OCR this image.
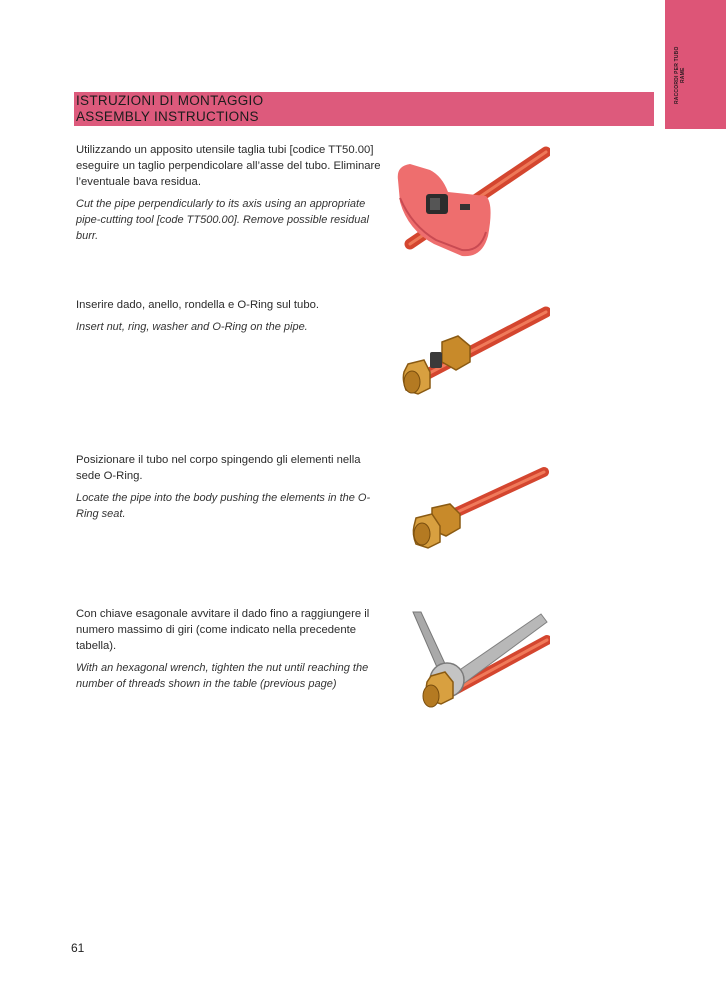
RACCORDI PER TUBO RAME
ISTRUZIONI DI MONTAGGIO
ASSEMBLY INSTRUCTIONS

Utilizzando un apposito utensile taglia tubi [codice TT50.00] eseguire un taglio perpendicolare all’asse del tubo. Eliminare l’eventuale bava residua.

Cut the pipe perpendicularly to its axis using an appropriate pipe-cutting tool [code TT500.00]. Remove possible residual burr.

Inserire dado, anello, rondella e O-Ring sul tubo.

Insert nut, ring, washer and O-Ring on the pipe.

Posizionare il tubo nel corpo spingendo gli elementi nella sede O-Ring.

Locate the pipe into the body pushing the elements in the O-Ring seat.

Con chiave esagonale avvitare il dado fino a raggiungere il numero massimo di giri (come indicato nella precedente tabella).

With an hexagonal wrench, tighten the nut until reaching the number of threads shown in the table (previous page)

61
